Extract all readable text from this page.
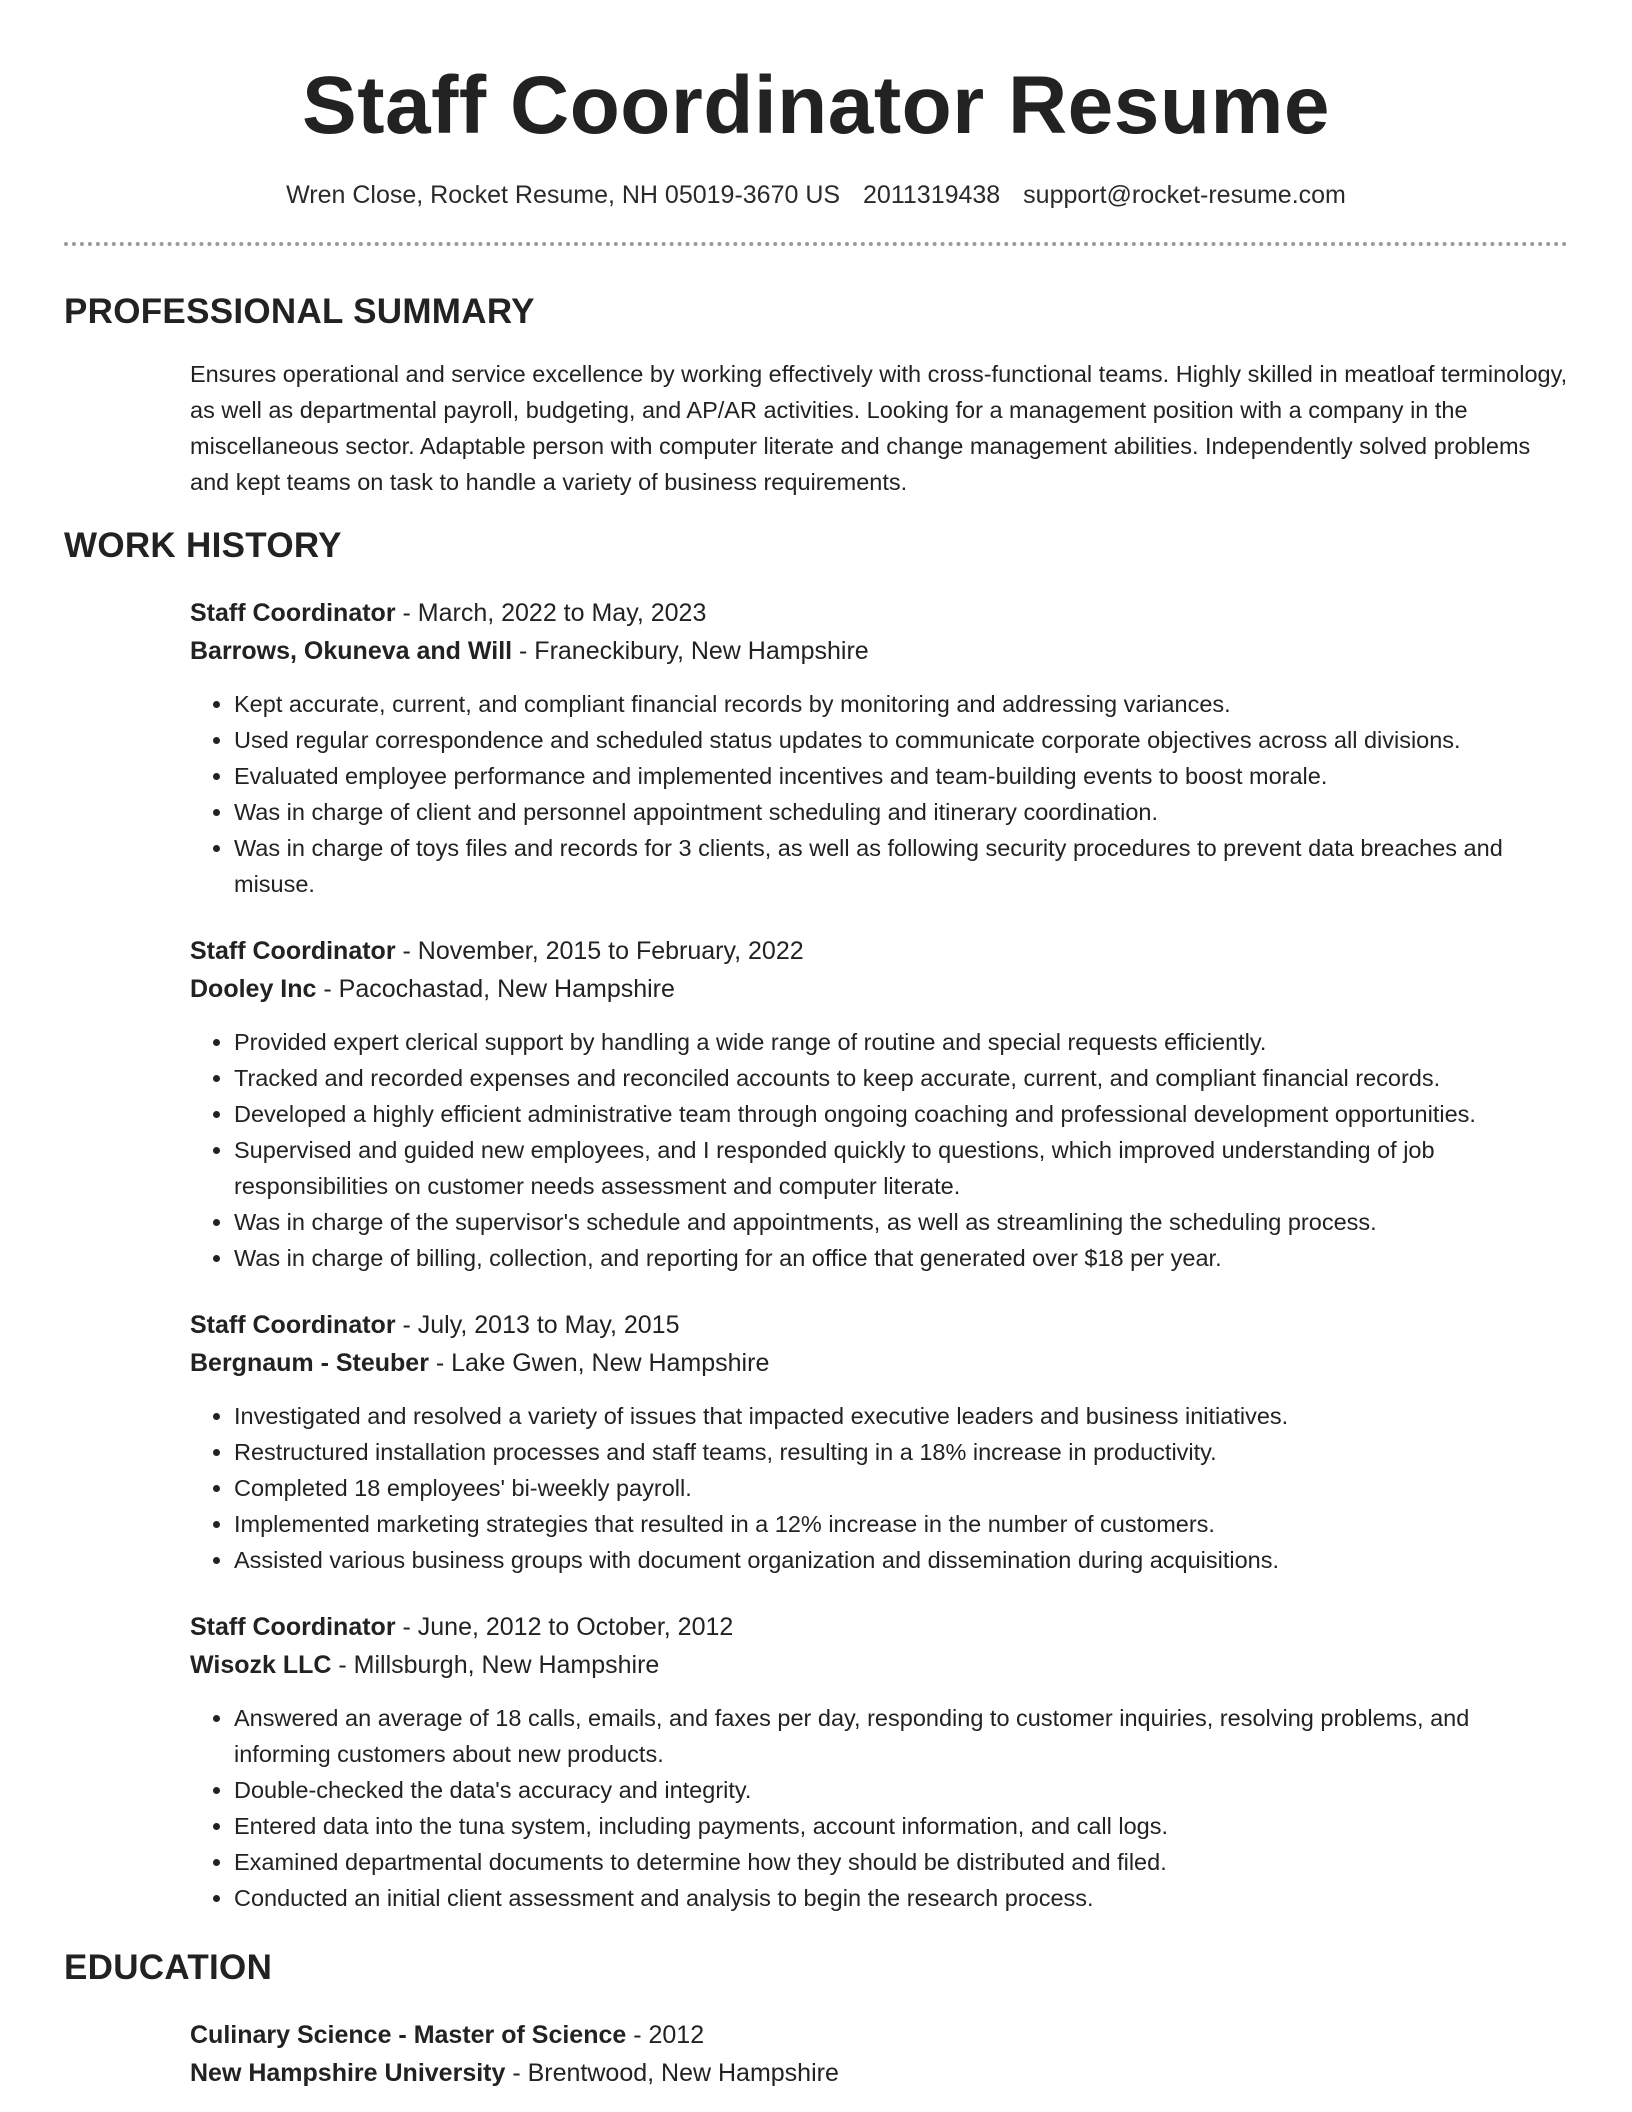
Staff Coordinator Resume
Wren Close, Rocket Resume, NH 05019-3670 US 2011319438 support@rocket-resume.com
PROFESSIONAL SUMMARY

Ensures operational and service excellence by working effectively with cross-functional teams. Highly skilled in meatloaf terminology, as well as departmental payroll, budgeting, and AP/AR activities. Looking for a management position with a company in the miscellaneous sector. Adaptable person with computer literate and change management abilities. Independently solved problems and kept teams on task to handle a variety of business requirements.

WORK HISTORY
Staff Coordinator - March, 2022 to May, 2023
Barrows, Okuneva and Will - Franeckibury, New Hampshire
• Kept accurate, current, and compliant financial records by monitoring and addressing variances.
• Used regular correspondence and scheduled status updates to communicate corporate objectives across all divisions.
• Evaluated employee performance and implemented incentives and team-building events to boost morale.
• Was in charge of client and personnel appointment scheduling and itinerary coordination.
• Was in charge of toys files and records for 3 clients, as well as following security procedures to prevent data breaches and misuse.
Staff Coordinator - November, 2015 to February, 2022
Dooley Inc - Pacochastad, New Hampshire
• Provided expert clerical support by handling a wide range of routine and special requests efficiently.
• Tracked and recorded expenses and reconciled accounts to keep accurate, current, and compliant financial records.
• Developed a highly efficient administrative team through ongoing coaching and professional development opportunities.
• Supervised and guided new employees, and I responded quickly to questions, which improved understanding of job responsibilities on customer needs assessment and computer literate.
• Was in charge of the supervisor's schedule and appointments, as well as streamlining the scheduling process.
• Was in charge of billing, collection, and reporting for an office that generated over $18 per year.
Staff Coordinator - July, 2013 to May, 2015
Bergnaum - Steuber - Lake Gwen, New Hampshire
• Investigated and resolved a variety of issues that impacted executive leaders and business initiatives.
• Restructured installation processes and staff teams, resulting in a 18% increase in productivity.
• Completed 18 employees' bi-weekly payroll.
• Implemented marketing strategies that resulted in a 12% increase in the number of customers.
• Assisted various business groups with document organization and dissemination during acquisitions.
Staff Coordinator - June, 2012 to October, 2012
Wisozk LLC - Millsburgh, New Hampshire
• Answered an average of 18 calls, emails, and faxes per day, responding to customer inquiries, resolving problems, and informing customers about new products.
• Double-checked the data's accuracy and integrity.
• Entered data into the tuna system, including payments, account information, and call logs.
• Examined departmental documents to determine how they should be distributed and filed.
• Conducted an initial client assessment and analysis to begin the research process.
EDUCATION
Culinary Science - Master of Science - 2012
New Hampshire University - Brentwood, New Hampshire
